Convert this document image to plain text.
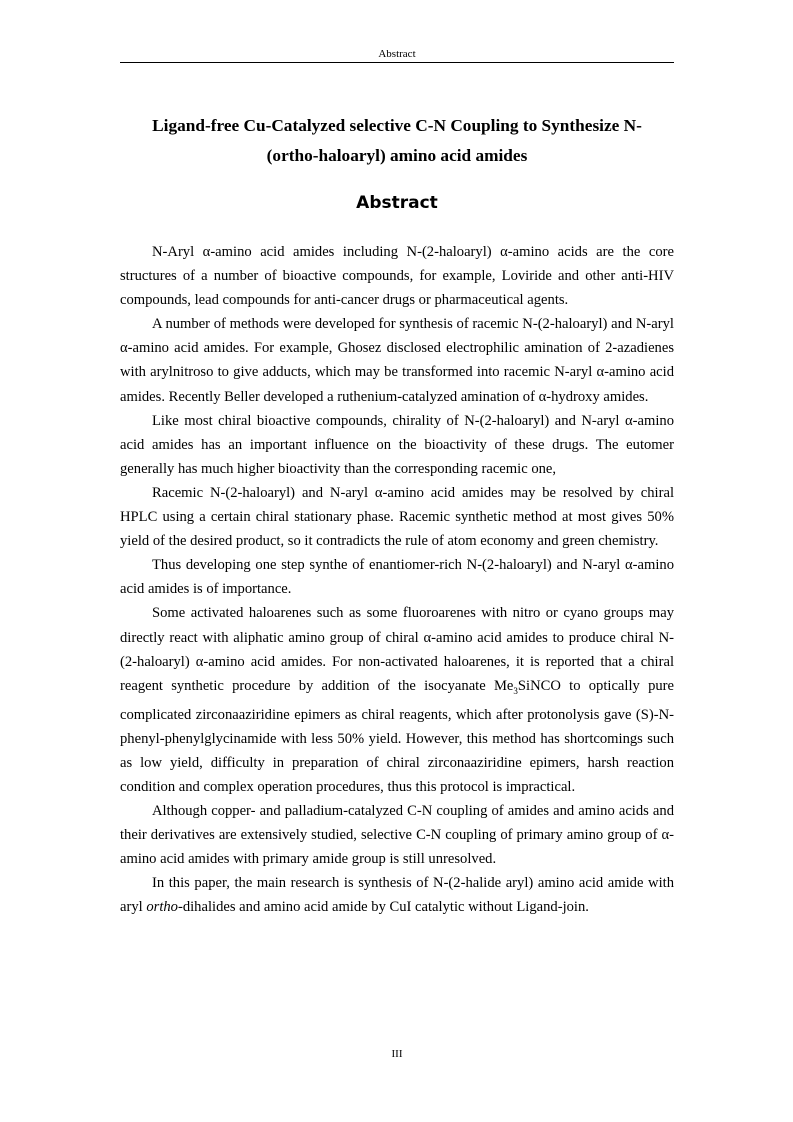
Abstract
Ligand-free Cu-Catalyzed selective C-N Coupling to Synthesize N-
(ortho-haloaryl) amino acid amides
Abstract

N-Aryl α-amino acid amides including N-(2-haloaryl) α-amino acids are the core structures of a number of bioactive compounds, for example, Loviride and other anti-HIV compounds, lead compounds for anti-cancer drugs or pharmaceutical agents.

A number of methods were developed for synthesis of racemic N-(2-haloaryl) and N-aryl α-amino acid amides. For example, Ghosez disclosed electrophilic amination of 2-azadienes with arylnitroso to give adducts, which may be transformed into racemic N-aryl α-amino acid amides. Recently Beller developed a ruthenium-catalyzed amination of α-hydroxy amides.

Like most chiral bioactive compounds, chirality of N-(2-haloaryl) and N-aryl α-amino acid amides has an important influence on the bioactivity of these drugs. The eutomer generally has much higher bioactivity than the corresponding racemic one,

Racemic N-(2-haloaryl) and N-aryl α-amino acid amides may be resolved by chiral HPLC using a certain chiral stationary phase. Racemic synthetic method at most gives 50% yield of the desired product, so it contradicts the rule of atom economy and green chemistry.

Thus developing one step synthe of enantiomer-rich N-(2-haloaryl) and N-aryl α-amino acid amides is of importance.

Some activated haloarenes such as some fluoroarenes with nitro or cyano groups may directly react with aliphatic amino group of chiral α-amino acid amides to produce chiral N-(2-haloaryl) α-amino acid amides. For non-activated haloarenes, it is reported that a chiral reagent synthetic procedure by addition of the isocyanate $Me_3SiNCO$ to optically pure complicated zirconaaziridine epimers as chiral reagents, which after protonolysis gave (S)-N-phenyl-phenylglycinamide with less 50% yield. However, this method has shortcomings such as low yield, difficulty in preparation of chiral zirconaaziridine epimers, harsh reaction condition and complex operation procedures, thus this protocol is impractical.

Although copper- and palladium-catalyzed C-N coupling of amides and amino acids and their derivatives are extensively studied, selective C-N coupling of primary amino group of α-amino acid amides with primary amide group is still unresolved.

In this paper, the main research is synthesis of N-(2-halide aryl) amino acid amide with aryl ortho-dihalides and amino acid amide by CuI catalytic without Ligand-join.

III
